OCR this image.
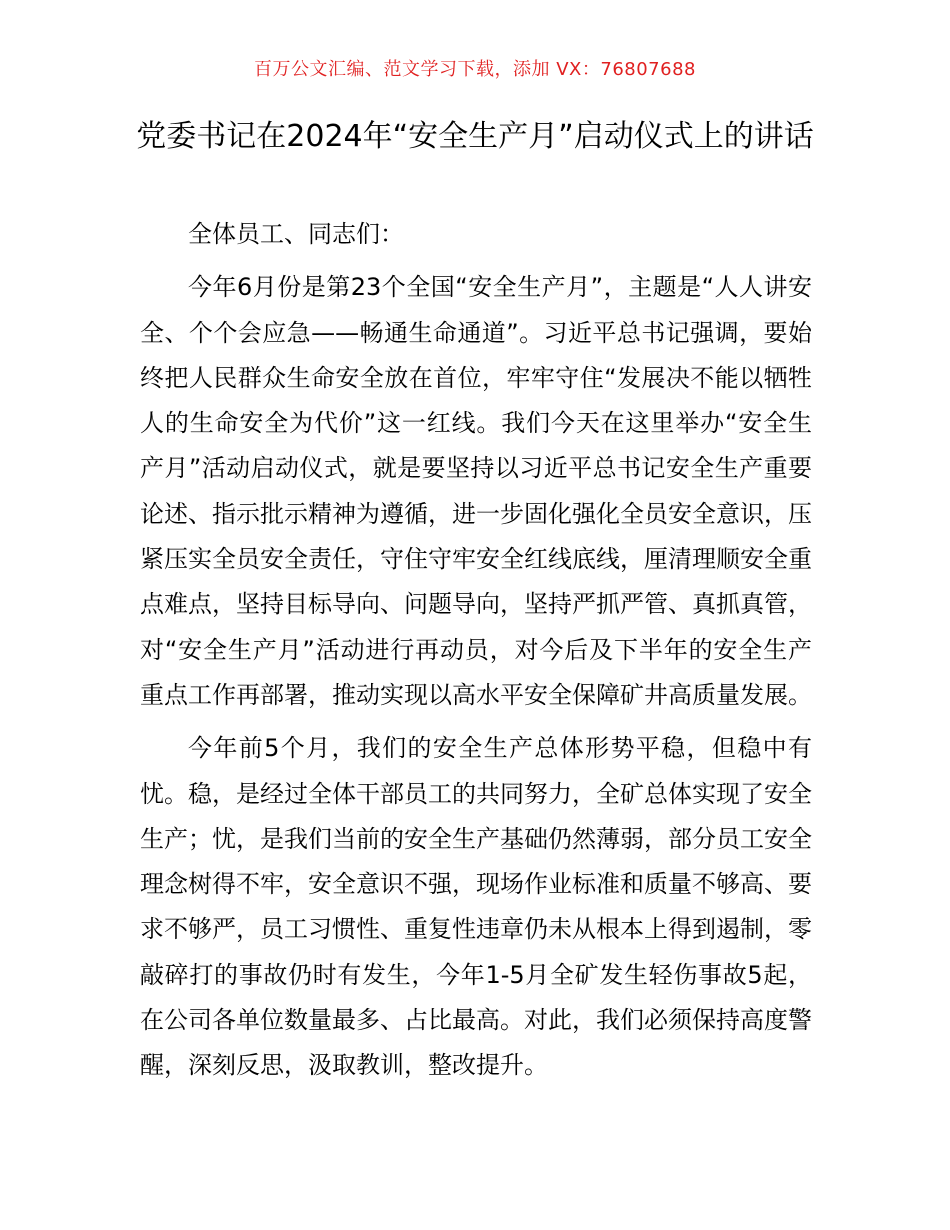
百万公文汇编、范文学习下载，添加 VX：76807688
党委书记在2024年“安全生产月”启动仪式上的讲话

全体员工、同志们：

今年6月份是第23个全国“安全生产月”，主题是“人人讲安全、个个会应急——畅通生命通道”。习近平总书记强调，要始终把人民群众生命安全放在首位，牢牢守住“发展决不能以牺牲人的生命安全为代价”这一红线。我们今天在这里举办“安全生产月”活动启动仪式，就是要坚持以习近平总书记安全生产重要论述、指示批示精神为遵循，进一步固化强化全员安全意识，压紧压实全员安全责任，守住守牢安全红线底线，厘清理顺安全重点难点，坚持目标导向、问题导向，坚持严抓严管、真抓真管，对“安全生产月”活动进行再动员，对今后及下半年的安全生产重点工作再部署，推动实现以高水平安全保障矿井高质量发展。

今年前5个月，我们的安全生产总体形势平稳，但稳中有忧。稳，是经过全体干部员工的共同努力，全矿总体实现了安全生产；忧，是我们当前的安全生产基础仍然薄弱，部分员工安全理念树得不牢，安全意识不强，现场作业标准和质量不够高、要求不够严，员工习惯性、重复性违章仍未从根本上得到遏制，零敲碎打的事故仍时有发生，今年1-5月全矿发生轻伤事故5起，在公司各单位数量最多、占比最高。对此，我们必须保持高度警醒，深刻反思，汲取教训，整改提升。
